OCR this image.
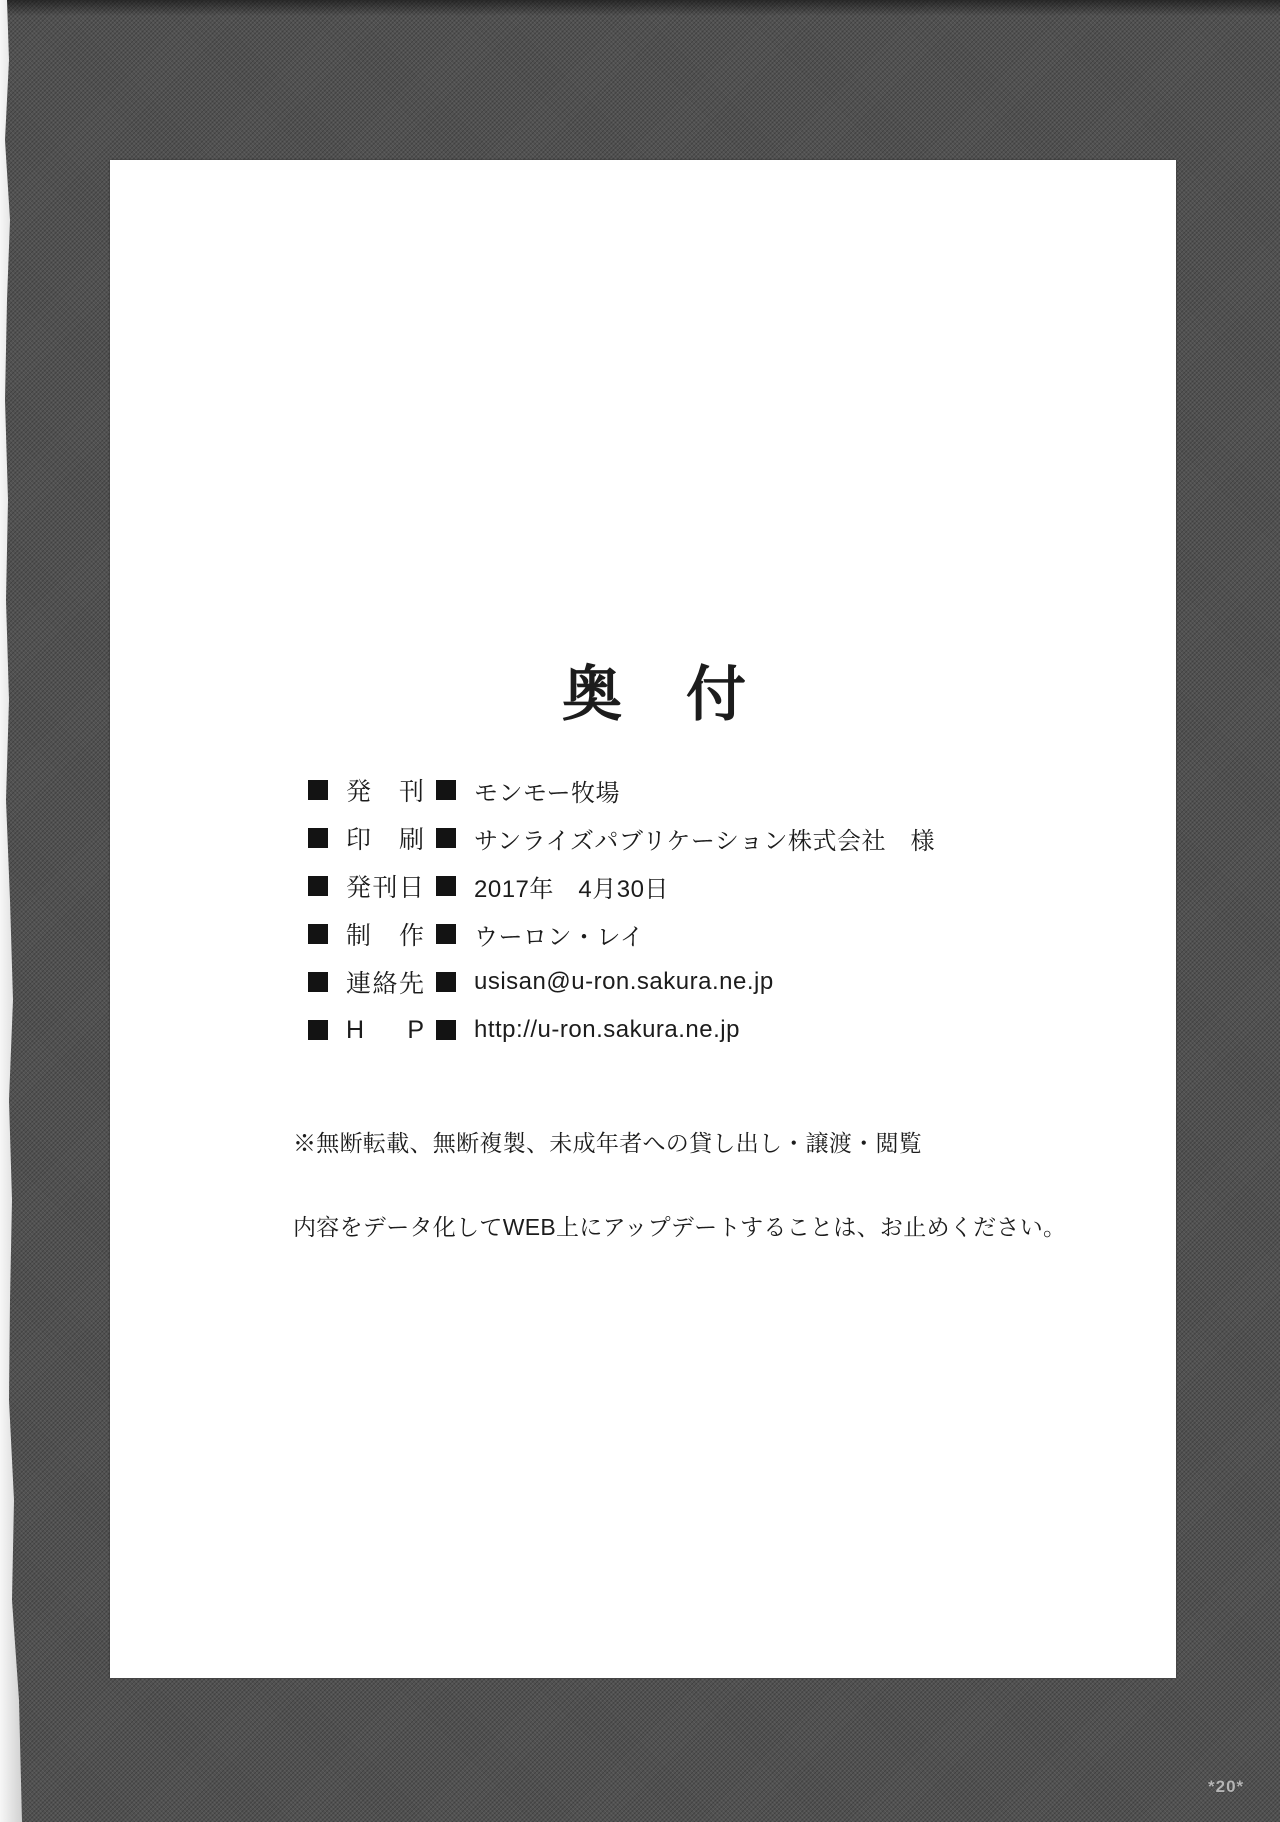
奥　付
発 刊 モンモー牧場
印 刷 サンライズパブリケーション株式会社　様
発刊日 2017年　4月30日
制 作 ウーロン・レイ
連絡先 usisan@u-ron.sakura.ne.jp
H P http://u-ron.sakura.ne.jp

※無断転載、無断複製、未成年者への貸し出し・譲渡・閲覧

内容をデータ化してWEB上にアップデートすることは、お止めください。

*20*
